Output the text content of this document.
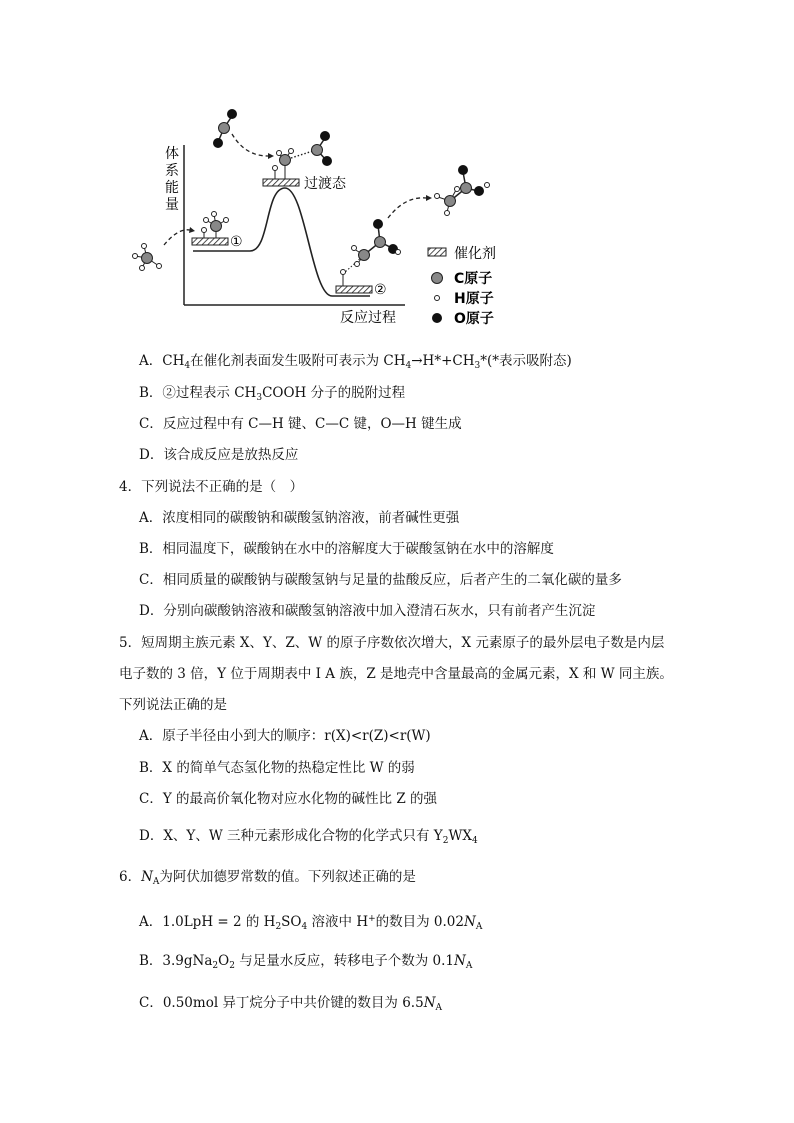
体系能量
①
过渡态
②
反应过程
催化剂
C原子
H原子
O原子
A．$CH_4$在催化剂表面发生吸附可表示为 $CH_4\to H*+CH_3*(*$表示吸附态)
B．②过程表示 $CH_3COOH$ 分子的脱附过程
C．反应过程中有 C—H 键、C—C 键，O—H 键生成
D．该合成反应是放热反应
4．下列说法不正确的是（　）
A．浓度相同的碳酸钠和碳酸氢钠溶液，前者碱性更强
B．相同温度下，碳酸钠在水中的溶解度大于碳酸氢钠在水中的溶解度
C．相同质量的碳酸钠与碳酸氢钠与足量的盐酸反应，后者产生的二氧化碳的量多
D．分别向碳酸钠溶液和碳酸氢钠溶液中加入澄清石灰水，只有前者产生沉淀
5．短周期主族元素 X、Y、Z、W 的原子序数依次增大，X 元素原子的最外层电子数是内层
电子数的 3 倍，Y 位于周期表中 I A 族，Z 是地壳中含量最高的金属元素，X 和 W 同主族。
下列说法正确的是
A．原子半径由小到大的顺序：r(X)<r(Z)<r(W)
B．X 的简单气态氢化物的热稳定性比 W 的弱
C．Y 的最高价氧化物对应水化物的碱性比 Z 的强
D．X、Y、W 三种元素形成化合物的化学式只有 $Y_2WX_4$
6．$N_A$为阿伏加德罗常数的值。下列叙述正确的是
A．1.0LpH = 2 的 $H_2SO_4$ 溶液中 H+的数目为 $0.02N_A$
B．$3.9gNa_2O_2$ 与足量水反应，转移电子个数为 $0.1N_A$
C．0.50mol 异丁烷分子中共价键的数目为 $6.5N_A$
